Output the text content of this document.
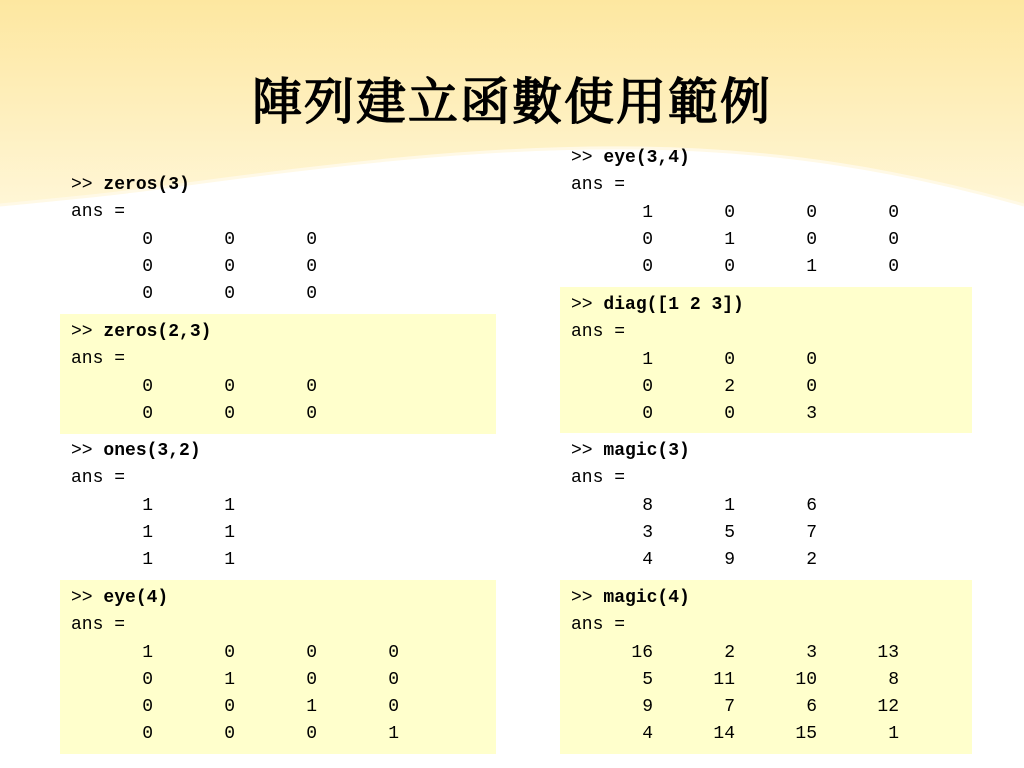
陣列建立函數使用範例
>> zeros(3)
ans =
0	0	0
0	0	0
0	0	0
>> zeros(2,3)
ans =
0	0	0
0	0	0
>> ones(3,2)
ans =
1	1
1	1
1	1
>> eye(4)
ans =
1	0	0	0
0	1	0	0
0	0	1	0
0	0	0	1
>> eye(3,4)
ans =
1	0	0	0
0	1	0	0
0	0	1	0
>> diag([1 2 3])
ans =
1	0	0
0	2	0
0	0	3
>> magic(3)
ans =
8	1	6
3	5	7
4	9	2
>> magic(4)
ans =
16	2	3	13
5	11	10	8
9	7	6	12
4	14	15	1
